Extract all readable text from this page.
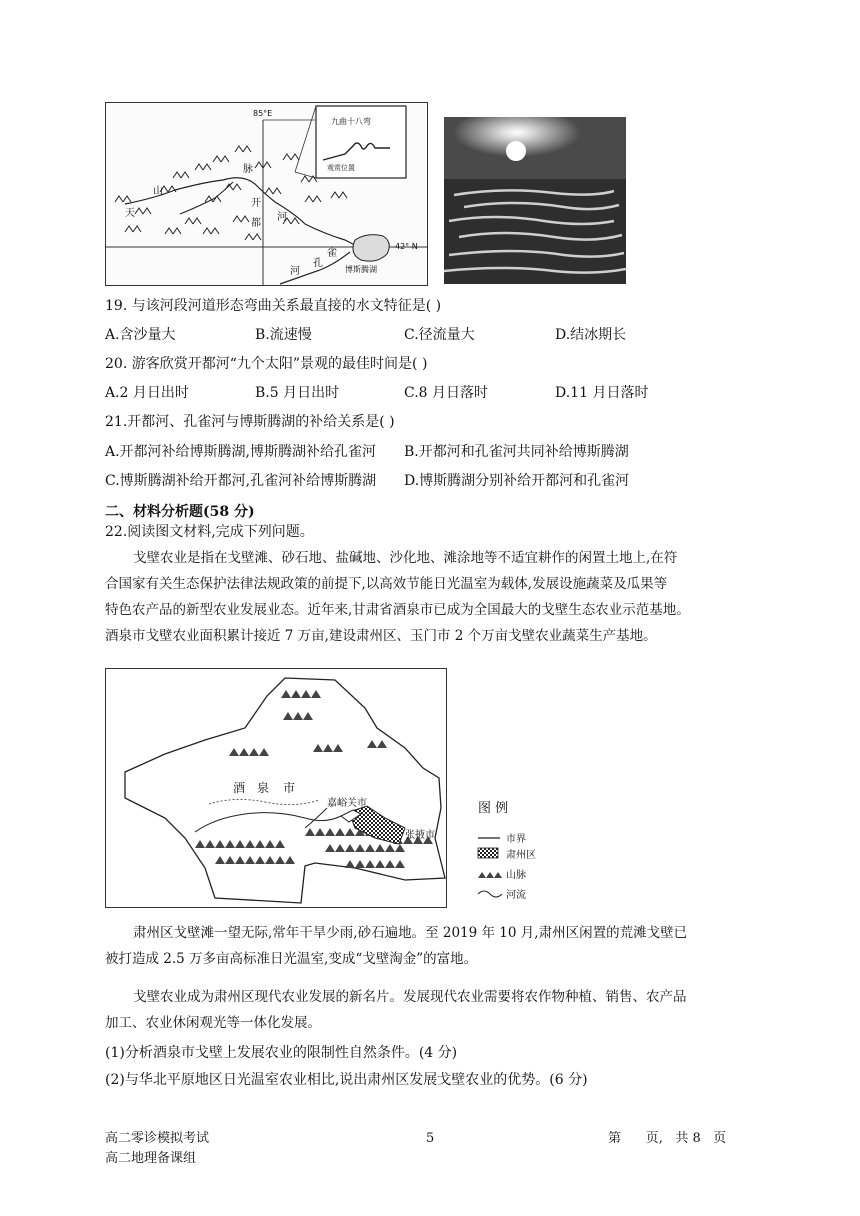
85°E
42° N
天
山
脉
开
都
河
河
孔
雀
博斯腾湖
九曲十八弯
观赏位置
19. 与该河段河道形态弯曲关系最直接的水文特征是( )
A.含沙量大	B.流速慢	C.径流量大	D.结冰期长
20. 游客欣赏开都河“九个太阳”景观的最佳时间是( )
A.2 月日出时	B.5 月日出时	C.8 月日落时	D.11 月日落时
21.开都河、孔雀河与博斯腾湖的补给关系是( )
A.开都河补给博斯腾湖,博斯腾湖补给孔雀河 B.开都河和孔雀河共同补给博斯腾湖
C.博斯腾湖补给开都河,孔雀河补给博斯腾湖 D.博斯腾湖分别补给开都河和孔雀河
二、材料分析题(58 分)
22.阅读图文材料,完成下列问题。
戈壁农业是指在戈壁滩、砂石地、盐碱地、沙化地、滩涂地等不适宜耕作的闲置土地上,在符
合国家有关生态保护法律法规政策的前提下,以高效节能日光温室为载体,发展设施蔬菜及瓜果等
特色农产品的新型农业发展业态。近年来,甘肃省酒泉市已成为全国最大的戈壁生态农业示范基地。
酒泉市戈壁农业面积累计接近 7 万亩,建设肃州区、玉门市 2 个万亩戈壁农业蔬菜生产基地。
酒 泉 市
嘉峪关市
张掖市
图 例
市界
肃州区
山脉
河流
肃州区戈壁滩一望无际,常年干旱少雨,砂石遍地。至 2019 年 10 月,肃州区闲置的荒滩戈壁已
被打造成 2.5 万多亩高标准日光温室,变成“戈壁淘金”的富地。
戈壁农业成为肃州区现代农业发展的新名片。发展现代农业需要将农作物种植、销售、农产品
加工、农业休闲观光等一体化发展。
(1)分析酒泉市戈壁上发展农业的限制性自然条件。(4 分)
(2)与华北平原地区日光温室农业相比,说出肃州区发展戈壁农业的优势。(6 分)
高二零诊模拟考试
高二地理备课组
5	第      页,   共 8   页
